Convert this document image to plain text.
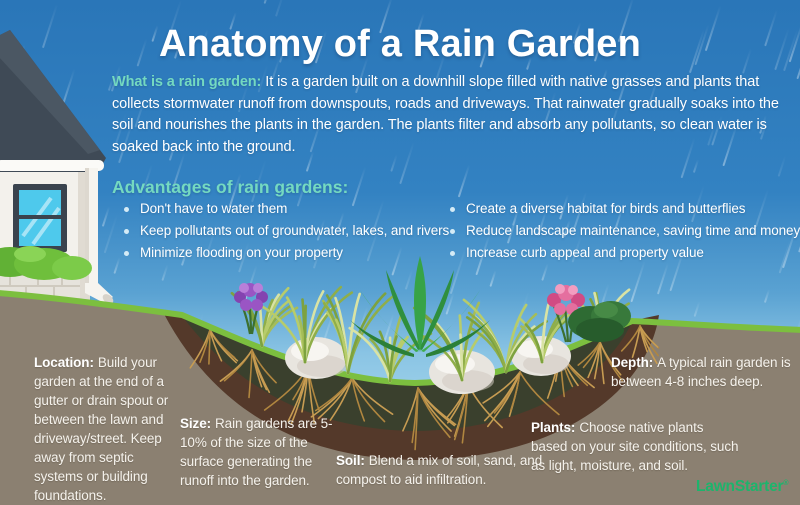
Anatomy of a Rain Garden
What is a rain garden: It is a garden built on a downhill slope filled with native grasses and plants that collects stormwater runoff from downspouts, roads and driveways. That rainwater gradually soaks into the soil and nourishes the plants in the garden. The plants filter and absorb any pollutants, so clean water is soaked back into the ground.
Advantages of rain gardens:
Don't have to water them
Keep pollutants out of groundwater, lakes, and rivers
Minimize flooding on your property
Create a diverse habitat for birds and butterflies
Reduce landscape maintenance, saving time and money
Increase curb appeal and property value
Location: Build your garden at the end of a gutter or drain spout or between the lawn and driveway/street. Keep away from septic systems or building foundations.
Size: Rain gardens are 5-10% of the size of the surface generating the runoff into the garden.
Soil: Blend a mix of soil, sand, and compost to aid infiltration.
Plants: Choose native plants based on your site conditions, such as light, moisture, and soil.
Depth: A typical rain garden is between 4-8 inches deep.
LawnStarter®
